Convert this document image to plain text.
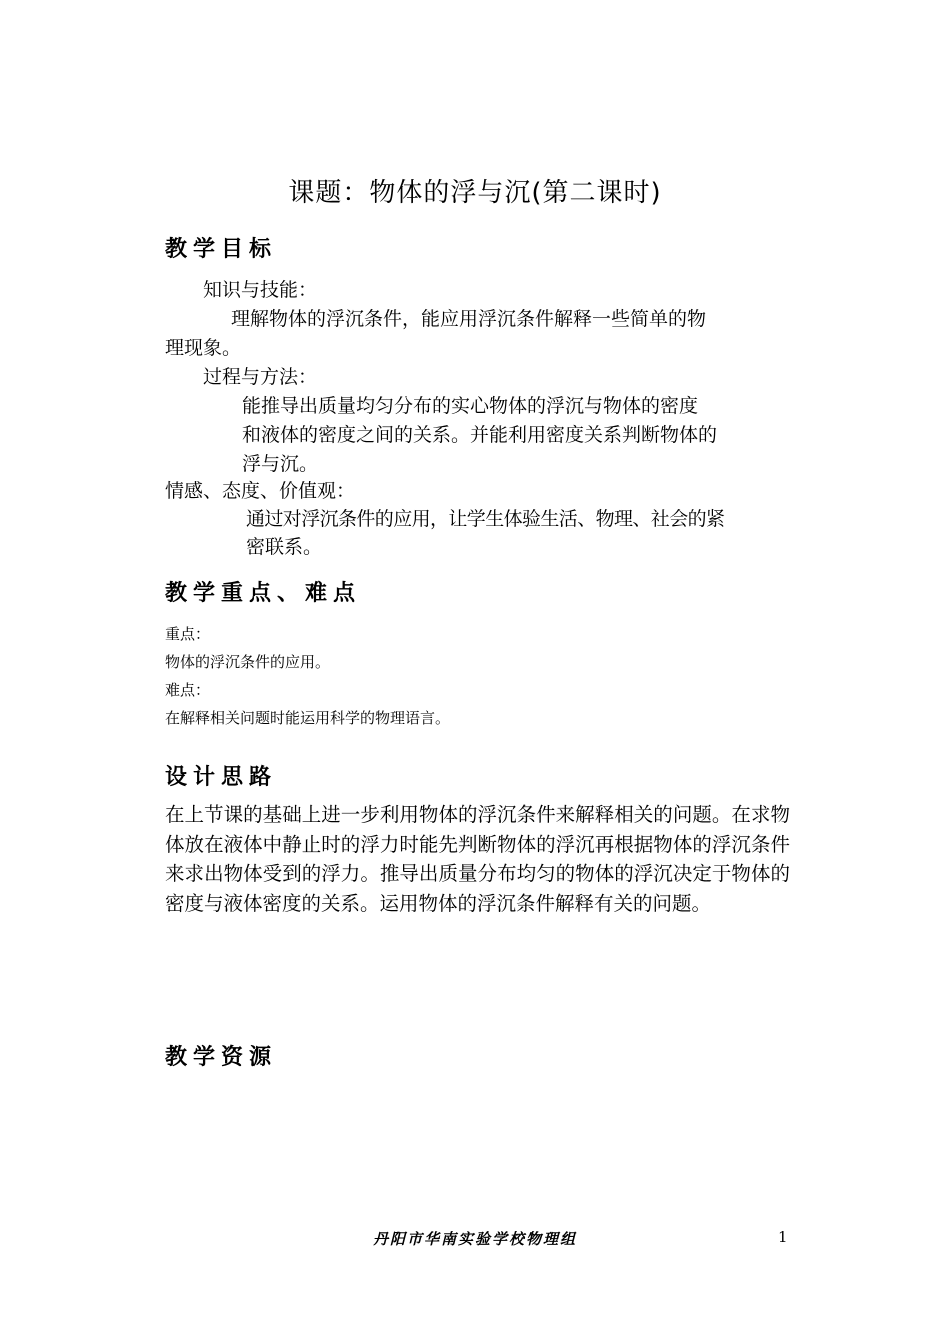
课题：物体的浮与沉(第二课时)
教学目标
知识与技能：
理解物体的浮沉条件，能应用浮沉条件解释一些简单的物
理现象。
过程与方法：
能推导出质量均匀分布的实心物体的浮沉与物体的密度
和液体的密度之间的关系。并能利用密度关系判断物体的
浮与沉。
情感、态度、价值观：
通过对浮沉条件的应用，让学生体验生活、物理、社会的紧
密联系。
教学重点、难点
重点：
物体的浮沉条件的应用。
难点：
在解释相关问题时能运用科学的物理语言。
设计思路
在上节课的基础上进一步利用物体的浮沉条件来解释相关的问题。在求物体放在液体中静止时的浮力时能先判断物体的浮沉再根据物体的浮沉条件来求出物体受到的浮力。推导出质量分布均匀的物体的浮沉决定于物体的密度与液体密度的关系。运用物体的浮沉条件解释有关的问题。
教学资源
丹阳市华南实验学校物理组	1
